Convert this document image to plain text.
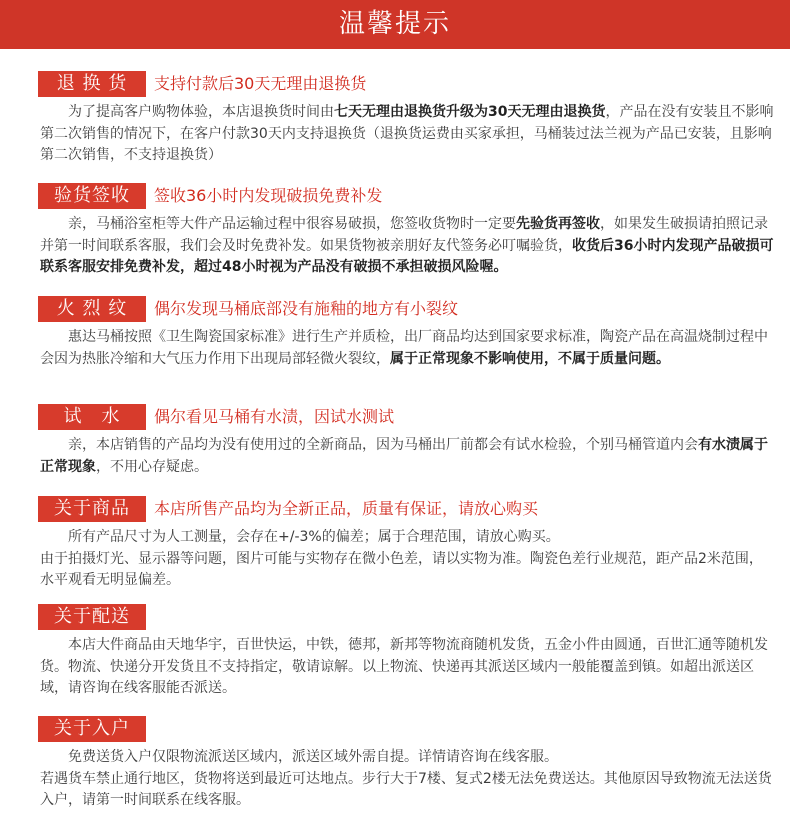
温馨提示
退 换 货	支持付款后30天无理由退换货

为了提高客户购物体验，本店退换货时间由七天无理由退换货升级为30天无理由退换货，产品在没有安装且不影响第二次销售的情况下，在客户付款30天内支持退换货（退换货运费由买家承担，马桶装过法兰视为产品已安装，且影响第二次销售，不支持退换货）

验货签收	签收36小时内发现破损免费补发

亲，马桶浴室柜等大件产品运输过程中很容易破损，您签收货物时一定要先验货再签收，如果发生破损请拍照记录并第一时间联系客服，我们会及时免费补发。如果货物被亲朋好友代签务必叮嘱验货，收货后36小时内发现产品破损可联系客服安排免费补发，超过48小时视为产品没有破损不承担破损风险喔。

火 烈 纹	偶尔发现马桶底部没有施釉的地方有小裂纹

惠达马桶按照《卫生陶瓷国家标准》进行生产并质检，出厂商品均达到国家要求标准，陶瓷产品在高温烧制过程中会因为热胀冷缩和大气压力作用下出现局部轻微火裂纹，属于正常现象不影响使用，不属于质量问题。

试　水	偶尔看见马桶有水渍，因试水测试

亲，本店销售的产品均为没有使用过的全新商品，因为马桶出厂前都会有试水检验，个别马桶管道内会有水渍属于正常现象，不用心存疑虑。

关于商品	本店所售产品均为全新正品，质量有保证，请放心购买

所有产品尺寸为人工测量，会存在+/-3%的偏差；属于合理范围，请放心购买。

由于拍摄灯光、显示器等问题，图片可能与实物存在微小色差，请以实物为准。陶瓷色差行业规范，距产品2米范围，水平观看无明显偏差。

关于配送

本店大件商品由天地华宇，百世快运，中铁，德邦，新邦等物流商随机发货，五金小件由圆通，百世汇通等随机发货。物流、快递分开发货且不支持指定，敬请谅解。以上物流、快递再其派送区域内一般能覆盖到镇。如超出派送区域，请咨询在线客服能否派送。

关于入户

免费送货入户仅限物流派送区域内，派送区域外需自提。详情请咨询在线客服。

若遇货车禁止通行地区，货物将送到最近可达地点。步行大于7楼、复式2楼无法免费送达。其他原因导致物流无法送货入户，请第一时间联系在线客服。
